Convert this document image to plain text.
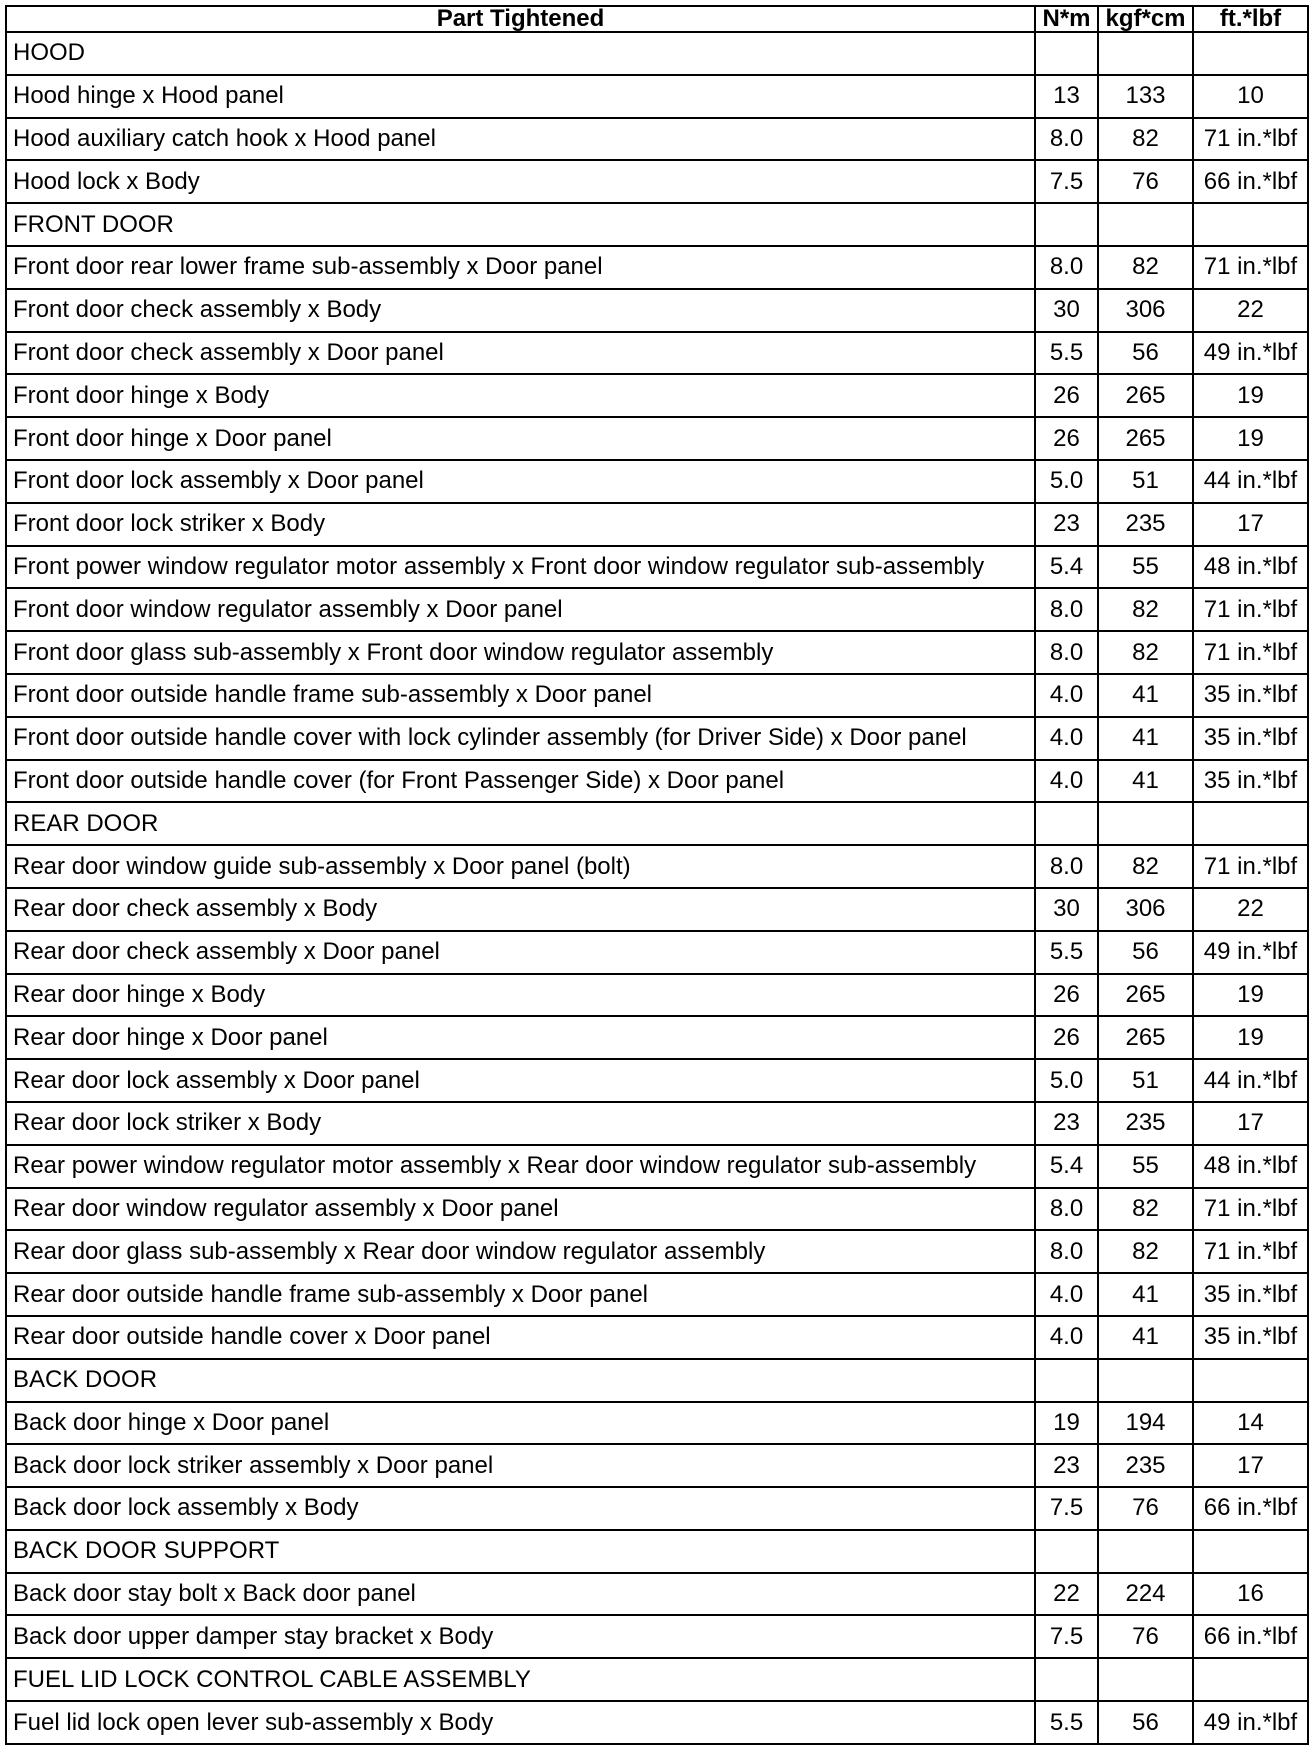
Part Tightened	N*m	kgf*cm	ft.*lbf
HOOD			
Hood hinge x Hood panel	13	133	10
Hood auxiliary catch hook x Hood panel	8.0	82	71 in.*lbf
Hood lock x Body	7.5	76	66 in.*lbf
FRONT DOOR			
Front door rear lower frame sub-assembly x Door panel	8.0	82	71 in.*lbf
Front door check assembly x Body	30	306	22
Front door check assembly x Door panel	5.5	56	49 in.*lbf
Front door hinge x Body	26	265	19
Front door hinge x Door panel	26	265	19
Front door lock assembly x Door panel	5.0	51	44 in.*lbf
Front door lock striker x Body	23	235	17
Front power window regulator motor assembly x Front door window regulator sub-assembly	5.4	55	48 in.*lbf
Front door window regulator assembly x Door panel	8.0	82	71 in.*lbf
Front door glass sub-assembly x Front door window regulator assembly	8.0	82	71 in.*lbf
Front door outside handle frame sub-assembly x Door panel	4.0	41	35 in.*lbf
Front door outside handle cover with lock cylinder assembly (for Driver Side) x Door panel	4.0	41	35 in.*lbf
Front door outside handle cover (for Front Passenger Side) x Door panel	4.0	41	35 in.*lbf
REAR DOOR			
Rear door window guide sub-assembly x Door panel (bolt)	8.0	82	71 in.*lbf
Rear door check assembly x Body	30	306	22
Rear door check assembly x Door panel	5.5	56	49 in.*lbf
Rear door hinge x Body	26	265	19
Rear door hinge x Door panel	26	265	19
Rear door lock assembly x Door panel	5.0	51	44 in.*lbf
Rear door lock striker x Body	23	235	17
Rear power window regulator motor assembly x Rear door window regulator sub-assembly	5.4	55	48 in.*lbf
Rear door window regulator assembly x Door panel	8.0	82	71 in.*lbf
Rear door glass sub-assembly x Rear door window regulator assembly	8.0	82	71 in.*lbf
Rear door outside handle frame sub-assembly x Door panel	4.0	41	35 in.*lbf
Rear door outside handle cover x Door panel	4.0	41	35 in.*lbf
BACK DOOR			
Back door hinge x Door panel	19	194	14
Back door lock striker assembly x Door panel	23	235	17
Back door lock assembly x Body	7.5	76	66 in.*lbf
BACK DOOR SUPPORT			
Back door stay bolt x Back door panel	22	224	16
Back door upper damper stay bracket x Body	7.5	76	66 in.*lbf
FUEL LID LOCK CONTROL CABLE ASSEMBLY			
Fuel lid lock open lever sub-assembly x Body	5.5	56	49 in.*lbf
